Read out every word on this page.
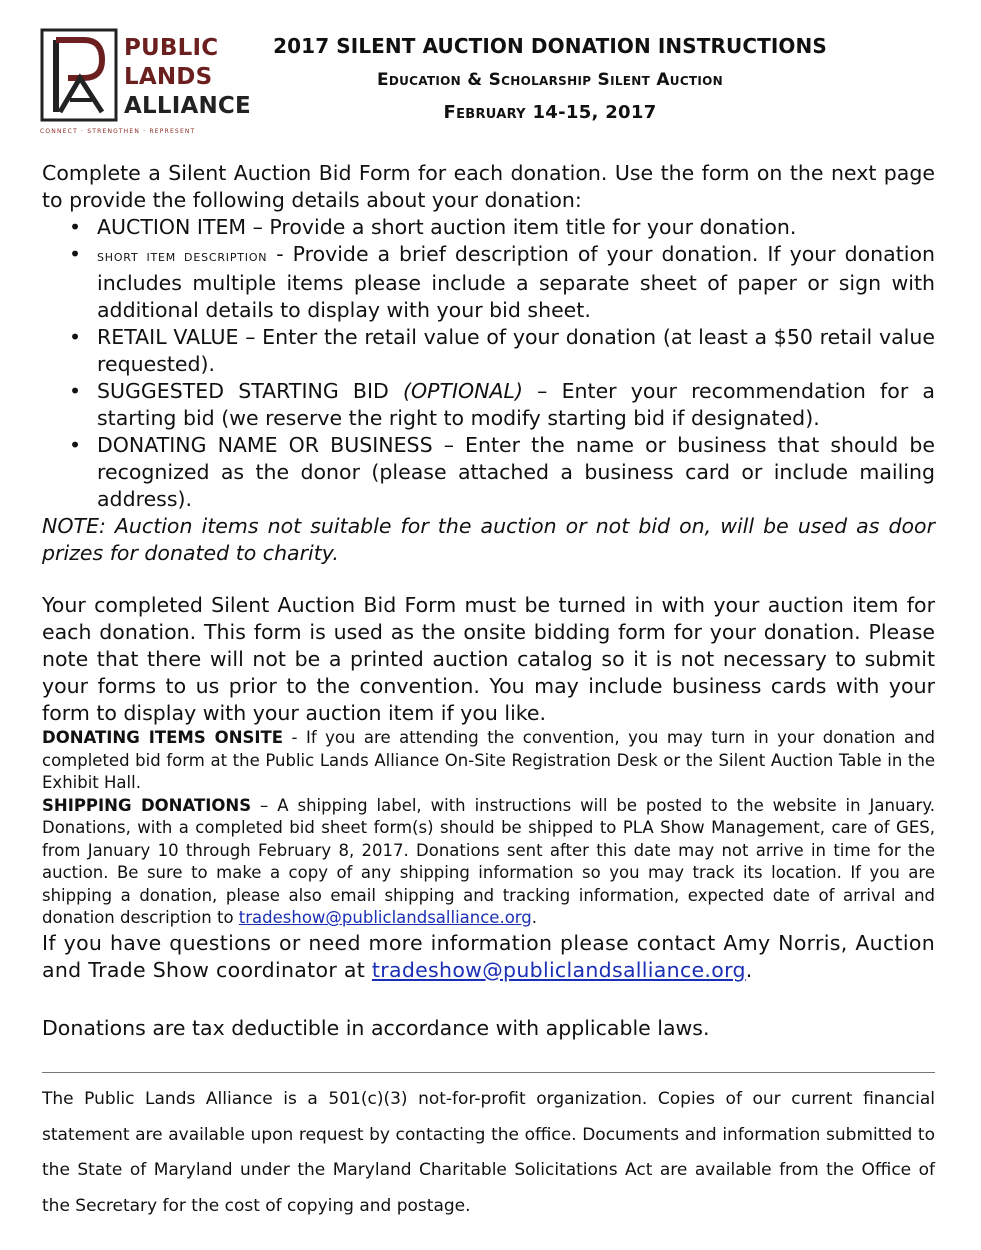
PUBLIC
LANDS
ALLIANCE
CONNECT · STRENGTHEN · REPRESENT
2017 SILENT AUCTION DONATION INSTRUCTIONS
Education & Scholarship Silent Auction
February 14-15, 2017

Complete a Silent Auction Bid Form for each donation. Use the form on the next page to provide the following details about your donation:

• AUCTION ITEM – Provide a short auction item title for your donation.
• short item description - Provide a brief description of your donation. If your donation includes multiple items please include a separate sheet of paper or sign with additional details to display with your bid sheet.
• RETAIL VALUE – Enter the retail value of your donation (at least a $50 retail value requested).
• SUGGESTED STARTING BID (OPTIONAL) – Enter your recommendation for a starting bid (we reserve the right to modify starting bid if designated).
• DONATING NAME OR BUSINESS – Enter the name or business that should be recognized as the donor (please attached a business card or include mailing address).

NOTE: Auction items not suitable for the auction or not bid on, will be used as door prizes for donated to charity.

Your completed Silent Auction Bid Form must be turned in with your auction item for each donation. This form is used as the onsite bidding form for your donation. Please note that there will not be a printed auction catalog so it is not necessary to submit your forms to us prior to the convention. You may include business cards with your form to display with your auction item if you like.

DONATING ITEMS ONSITE - If you are attending the convention, you may turn in your donation and completed bid form at the Public Lands Alliance On-Site Registration Desk or the Silent Auction Table in the Exhibit Hall.

SHIPPING DONATIONS – A shipping label, with instructions will be posted to the website in January. Donations, with a completed bid sheet form(s) should be shipped to PLA Show Management, care of GES, from January 10 through February 8, 2017. Donations sent after this date may not arrive in time for the auction. Be sure to make a copy of any shipping information so you may track its location. If you are shipping a donation, please also email shipping and tracking information, expected date of arrival and donation description to tradeshow@publiclandsalliance.org.

If you have questions or need more information please contact Amy Norris, Auction and Trade Show coordinator at tradeshow@publiclandsalliance.org.

Donations are tax deductible in accordance with applicable laws.

The Public Lands Alliance is a 501(c)(3) not-for-profit organization. Copies of our current financial statement are available upon request by contacting the office. Documents and information submitted to the State of Maryland under the Maryland Charitable Solicitations Act are available from the Office of the Secretary for the cost of copying and postage.
